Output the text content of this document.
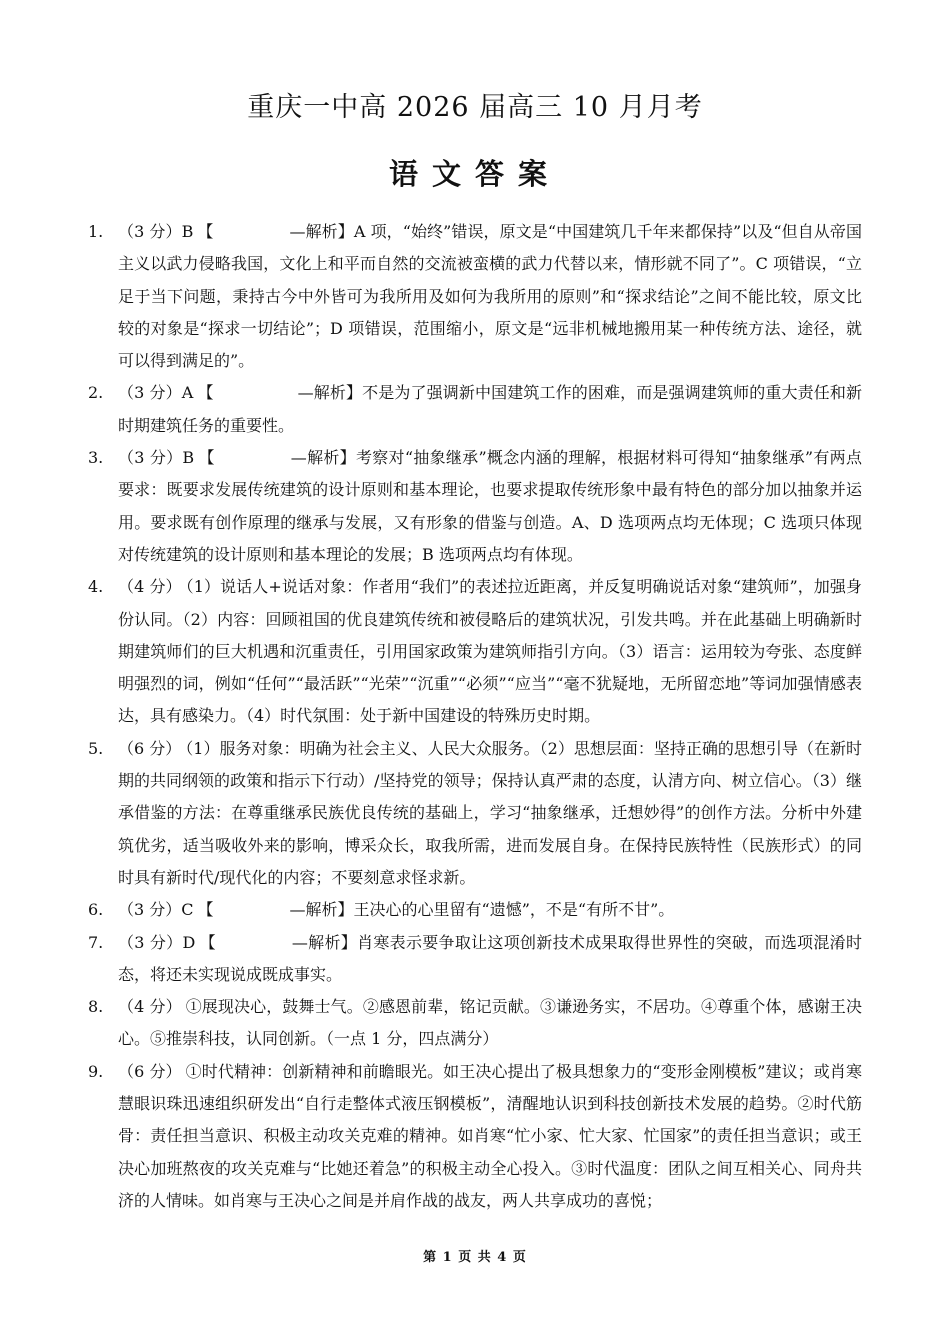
重庆一中高 2026 届高三 10 月月考
语文答案
1. （3 分）B 【	—解析】A 项，“始终”错误，原文是“中国建筑几千年来都保持”以及“但自从帝国主义以武力侵略我国，文化上和平而自然的交流被蛮横的武力代替以来，情形就不同了”。C 项错误，“立足于当下问题，秉持古今中外皆可为我所用及如何为我所用的原则”和“探求结论”之间不能比较，原文比较的对象是“探求一切结论”；D 项错误，范围缩小，原文是“远非机械地搬用某一种传统方法、途径，就可以得到满足的”。
2. （3 分）A 【	—解析】不是为了强调新中国建筑工作的困难，而是强调建筑师的重大责任和新时期建筑任务的重要性。
3. （3 分）B 【	—解析】考察对“抽象继承”概念内涵的理解，根据材料可得知“抽象继承”有两点要求：既要求发展传统建筑的设计原则和基本理论，也要求提取传统形象中最有特色的部分加以抽象并运用。要求既有创作原理的继承与发展，又有形象的借鉴与创造。A、D 选项两点均无体现；C 选项只体现对传统建筑的设计原则和基本理论的发展；B 选项两点均有体现。
4. （4 分） （1）说话人+说话对象：作者用“我们”的表述拉近距离，并反复明确说话对象“建筑师”，加强身份认同。（2）内容：回顾祖国的优良建筑传统和被侵略后的建筑状况，引发共鸣。并在此基础上明确新时期建筑师们的巨大机遇和沉重责任，引用国家政策为建筑师指引方向。（3）语言：运用较为夸张、态度鲜明强烈的词，例如“任何”“最活跃”“光荣”“沉重”“必须”“应当”“毫不犹疑地，无所留恋地”等词加强情感表达，具有感染力。（4）时代氛围：处于新中国建设的特殊历史时期。
5. （6 分） （1）服务对象：明确为社会主义、人民大众服务。（2）思想层面：坚持正确的思想引导（在新时期的共同纲领的政策和指示下行动）/坚持党的领导；保持认真严肃的态度，认清方向、树立信心。（3）继承借鉴的方法：在尊重继承民族优良传统的基础上，学习“抽象继承，迁想妙得”的创作方法。分析中外建筑优劣，适当吸收外来的影响，博采众长，取我所需，进而发展自身。在保持民族特性（民族形式）的同时具有新时代/现代化的内容；不要刻意求怪求新。
6. （3 分）C 【	—解析】王决心的心里留有“遗憾”，不是“有所不甘”。
7. （3 分）D 【	—解析】肖寒表示要争取让这项创新技术成果取得世界性的突破，而选项混淆时态，将还未实现说成既成事实。
8. （4 分） ①展现决心，鼓舞士气。②感恩前辈，铭记贡献。③谦逊务实，不居功。④尊重个体，感谢王决心。⑤推崇科技，认同创新。（一点 1 分，四点满分）
9. （6 分） ①时代精神：创新精神和前瞻眼光。如王决心提出了极具想象力的“变形金刚模板”建议；或肖寒慧眼识珠迅速组织研发出“自行走整体式液压钢模板”，清醒地认识到科技创新技术发展的趋势。②时代筋骨：责任担当意识、积极主动攻关克难的精神。如肖寒“忙小家、忙大家、忙国家”的责任担当意识；或王决心加班熬夜的攻关克难与“比她还着急”的积极主动全心投入。③时代温度：团队之间互相关心、同舟共济的人情味。如肖寒与王决心之间是并肩作战的战友，两人共享成功的喜悦；
第 1 页 共 4 页
